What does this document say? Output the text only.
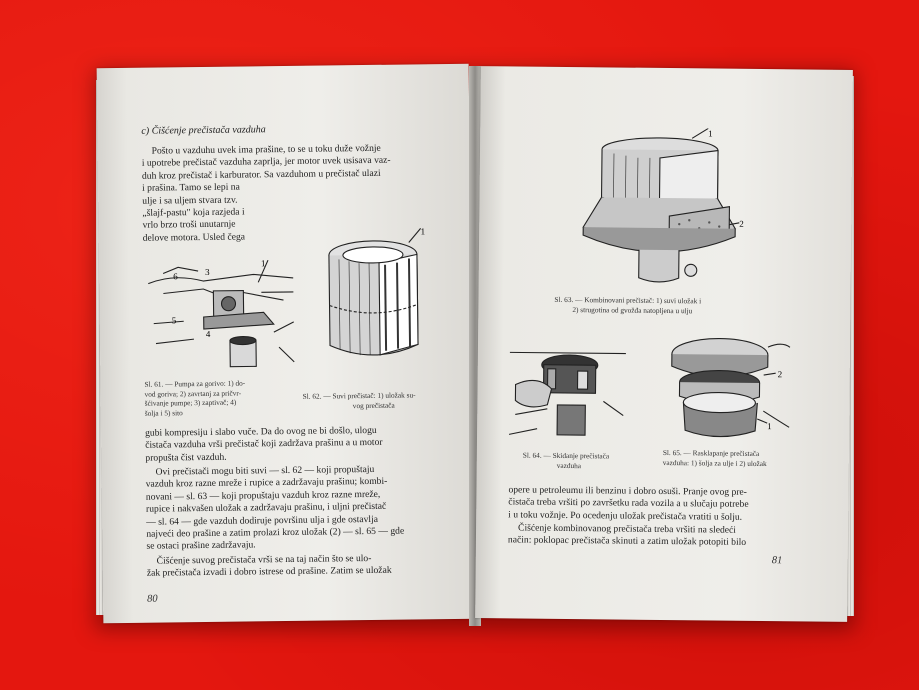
c) Čišćenje prečistača vazduha
Pošto u vazduhu uvek ima prašine, to se u toku duže vožnje
i upotrebe prečistač vazduha zaprlja, jer motor uvek usisava vaz-
duh kroz prečistač i karburator. Sa vazduhom u prečistač ulazi
i prašina. Tamo se lepi na
ulje i sa uljem stvara tzv.
„šlajf-pastu" koja razjeda i
vrlo brzo troši unutarnje
delove motora. Usled čega
6	3
1
5
4
1
Sl. 61. — Pumpa za gorivo: 1) do-
vod goriva; 2) zavrtanj za pričvr-
šćivanje pumpe; 3) zaptivač; 4)
šolja i 5) sito
Sl. 62. — Suvi prečistač: 1) uložak su-
vog prečistača
gubi kompresiju i slabo vuče. Da do ovog ne bi došlo, ulogu
čistača vazduha vrši prečistač koji zadržava prašinu a u motor
propušta čist vazduh.
Ovi prečistači mogu biti suvi — sl. 62 — koji propuštaju
vazduh kroz razne mreže i rupice a zadržavaju prašinu; kombi-
novani — sl. 63 — koji propuštaju vazduh kroz razne mreže,
rupice i nakvašen uložak a zadržavaju prašinu, i uljni prečistač
— sl. 64 — gde vazduh dodiruje površinu ulja i gde ostavlja
najveći deo prašine a zatim prolazi kroz uložak (2) — sl. 65 — gde
se ostaci prašine zadržavaju.
Čišćenje suvog prečistača vrši se na taj način što se ulo-
žak prečistača izvadi i dobro istrese od prašine. Zatim se uložak
80
1
2
Sl. 63. — Kombinovani prečistač: 1) suvi uložak i
2) strugotina od gvožđa natopljena u ulju
2
1
Sl. 64. — Skidanje prečistača
vazduha
Sl. 65. — Rasklapanje prečistača
vazduha: 1) šolja za ulje i 2) uložak
opere u petroleumu ili benzinu i dobro osuši. Pranje ovog pre-
čistača treba vršiti po završetku rada vozila a u slučaju potrebe
i u toku vožnje. Po ocedenju uložak prečistača vratiti u šolju.
Čišćenje kombinovanog prečistača treba vršiti na sledeći
način: poklopac prečistača skinuti a zatim uložak potopiti bilo
81
